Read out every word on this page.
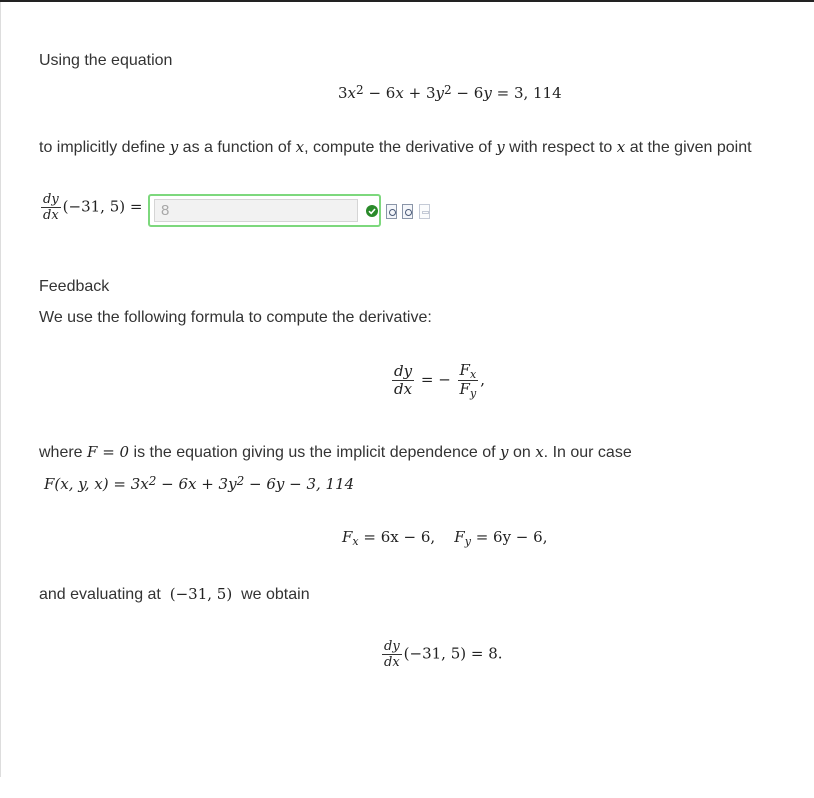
Using the equation
$3x^2 - 6x + 3y^2 - 6y = 3$, 114
to implicitly define y as a function of x, compute the derivative of y with respect to x at the given point
$\frac{dy}{dx} (-31$, 5) =
8
Feedback
We use the following formula to compute the derivative:
$\frac{dy}{dx}$ = − $\frac{F_x}{F_y}$ ,
where F = 0 is the equation giving us the implicit dependence of y on x. In our case
F(x, y, $x) = 3x^2 - 6x + 3y^2 - 6y - 3$, 114
$F_x = 6x - 6$, $F_y = 6y - 6$,
and evaluating at (−31, 5) we obtain
$\frac{dy}{dx} (-31$, 5) = 8.
